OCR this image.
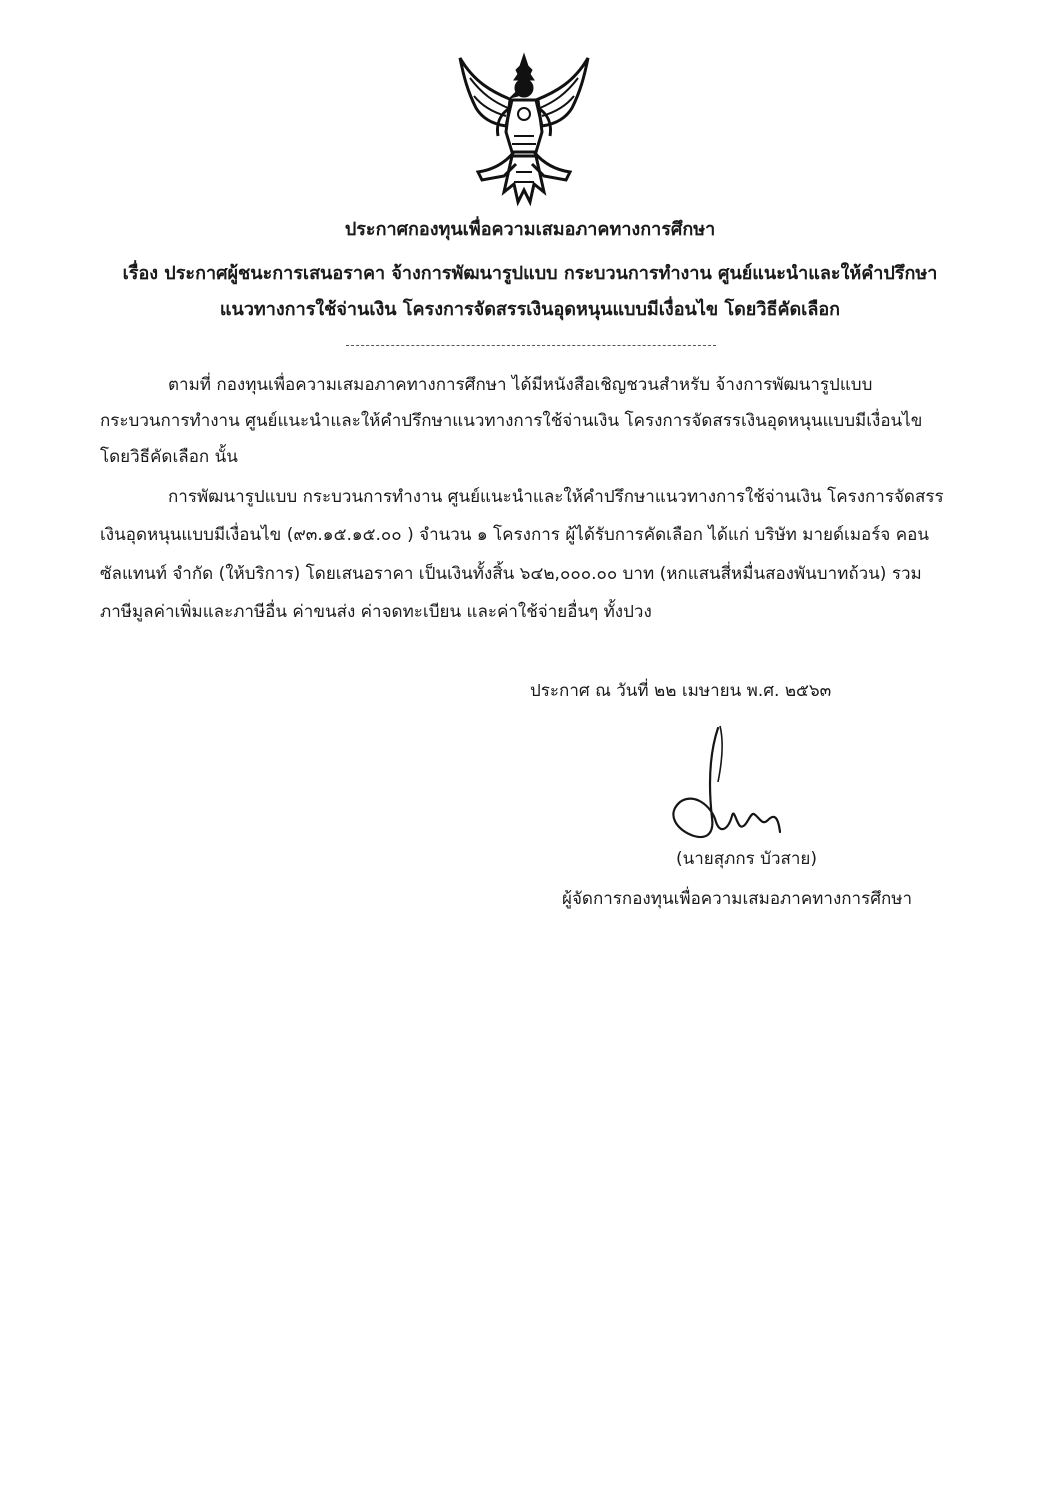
ประกาศกองทุนเพื่อความเสมอภาคทางการศึกษา
เรื่อง ประกาศผู้ชนะการเสนอราคา จ้างการพัฒนารูปแบบ กระบวนการทำงาน ศูนย์แนะนำและให้คำปรึกษา
แนวทางการใช้จ่านเงิน โครงการจัดสรรเงินอุดหนุนแบบมีเงื่อนไข โดยวิธีคัดเลือก
ตามที่ กองทุนเพื่อความเสมอภาคทางการศึกษา ได้มีหนังสือเชิญชวนสำหรับ จ้างการพัฒนารูปแบบ
กระบวนการทำงาน ศูนย์แนะนำและให้คำปรึกษาแนวทางการใช้จ่านเงิน โครงการจัดสรรเงินอุดหนุนแบบมีเงื่อนไข
โดยวิธีคัดเลือก นั้น
การพัฒนารูปแบบ กระบวนการทำงาน ศูนย์แนะนำและให้คำปรึกษาแนวทางการใช้จ่านเงิน โครงการจัดสรร
เงินอุดหนุนแบบมีเงื่อนไข (๙๓.๑๕.๑๕.๐๐ ) จำนวน ๑ โครงการ ผู้ได้รับการคัดเลือก ได้แก่ บริษัท มายด์เมอร์จ คอน
ซัลแทนท์ จำกัด (ให้บริการ) โดยเสนอราคา เป็นเงินทั้งสิ้น ๖๔๒,๐๐๐.๐๐ บาท (หกแสนสี่หมื่นสองพันบาทถ้วน) รวม
ภาษีมูลค่าเพิ่มและภาษีอื่น ค่าขนส่ง ค่าจดทะเบียน และค่าใช้จ่ายอื่นๆ ทั้งปวง
ประกาศ ณ วันที่ ๒๒ เมษายน พ.ศ. ๒๕๖๓
(นายสุภกร บัวสาย)
ผู้จัดการกองทุนเพื่อความเสมอภาคทางการศึกษา
